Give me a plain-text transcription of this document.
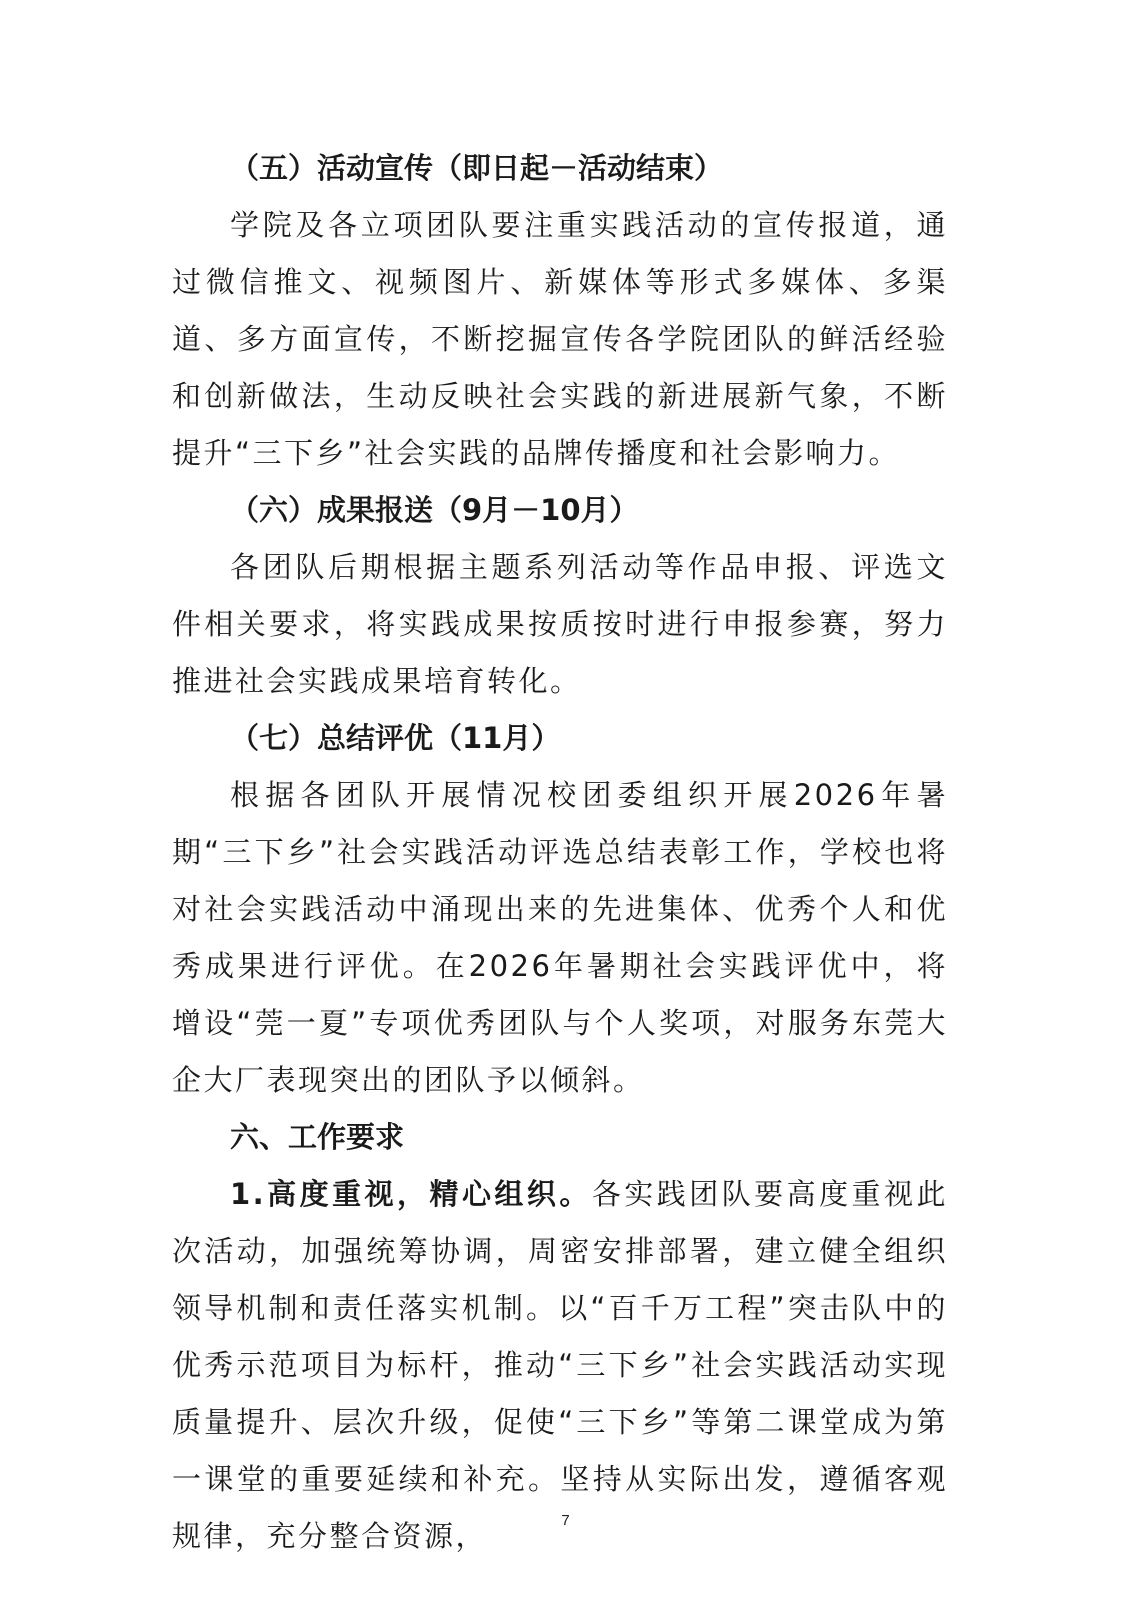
（五）活动宣传（即日起－活动结束）

学院及各立项团队要注重实践活动的宣传报道，通过微信推文、视频图片、新媒体等形式多媒体、多渠道、多方面宣传，不断挖掘宣传各学院团队的鲜活经验和创新做法，生动反映社会实践的新进展新气象，不断提升“三下乡”社会实践的品牌传播度和社会影响力。

（六）成果报送（9月－10月）

各团队后期根据主题系列活动等作品申报、评选文件相关要求，将实践成果按质按时进行申报参赛，努力推进社会实践成果培育转化。

（七）总结评优（11月）

根据各团队开展情况校团委组织开展2026年暑期“三下乡”社会实践活动评选总结表彰工作，学校也将对社会实践活动中涌现出来的先进集体、优秀个人和优秀成果进行评优。在2026年暑期社会实践评优中，将增设“莞一夏”专项优秀团队与个人奖项，对服务东莞大企大厂表现突出的团队予以倾斜。

六、工作要求

1.高度重视，精心组织。各实践团队要高度重视此次活动，加强统筹协调，周密安排部署，建立健全组织领导机制和责任落实机制。以“百千万工程”突击队中的优秀示范项目为标杆，推动“三下乡”社会实践活动实现质量提升、层次升级，促使“三下乡”等第二课堂成为第一课堂的重要延续和补充。坚持从实际出发，遵循客观规律，充分整合资源，	7
